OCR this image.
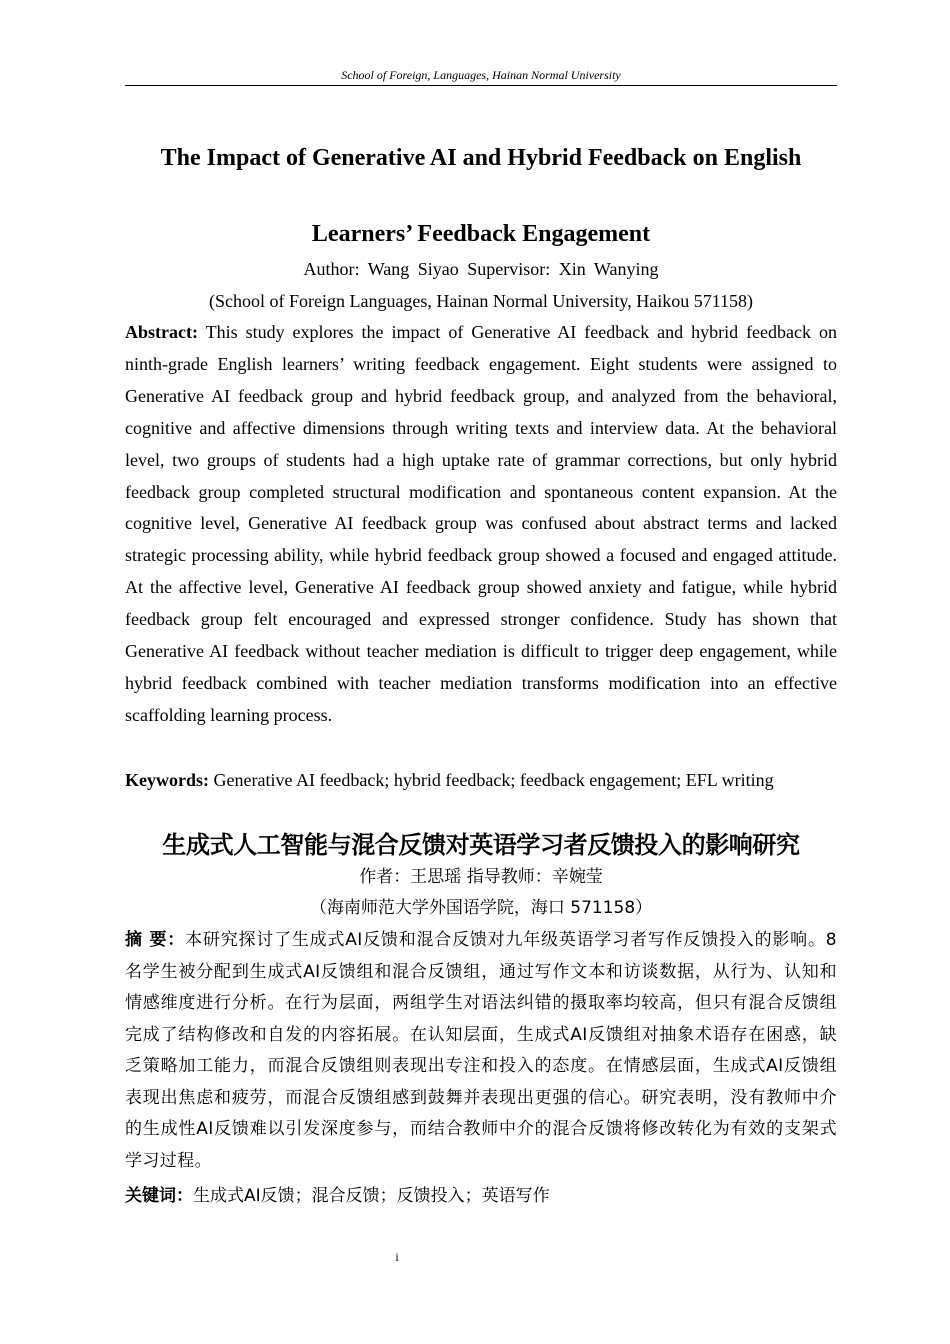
School of Foreign, Languages, Hainan Normal University
The Impact of Generative AI and Hybrid Feedback on English
Learners’ Feedback Engagement
Author: Wang Siyao Supervisor: Xin Wanying
(School of Foreign Languages, Hainan Normal University, Haikou 571158)

Abstract: This study explores the impact of Generative AI feedback and hybrid feedback on ninth-grade English learners’ writing feedback engagement. Eight students were assigned to Generative AI feedback group and hybrid feedback group, and analyzed from the behavioral, cognitive and affective dimensions through writing texts and interview data. At the behavioral level, two groups of students had a high uptake rate of grammar corrections, but only hybrid feedback group completed structural modification and spontaneous content expansion. At the cognitive level, Generative AI feedback group was confused about abstract terms and lacked strategic processing ability, while hybrid feedback group showed a focused and engaged attitude. At the affective level, Generative AI feedback group showed anxiety and fatigue, while hybrid feedback group felt encouraged and expressed stronger confidence. Study has shown that Generative AI feedback without teacher mediation is difficult to trigger deep engagement, while hybrid feedback combined with teacher mediation transforms modification into an effective scaffolding learning process.

Keywords: Generative AI feedback; hybrid feedback; feedback engagement; EFL writing
生成式人工智能与混合反馈对英语学习者反馈投入的影响研究
作者：王思瑶 指导教师：辛婉莹
（海南师范大学外国语学院，海口 571158）

摘 要：本研究探讨了生成式AI反馈和混合反馈对九年级英语学习者写作反馈投入的影响。8名学生被分配到生成式AI反馈组和混合反馈组，通过写作文本和访谈数据，从行为、认知和情感维度进行分析。在行为层面，两组学生对语法纠错的摄取率均较高，但只有混合反馈组完成了结构修改和自发的内容拓展。在认知层面，生成式AI反馈组对抽象术语存在困惑，缺乏策略加工能力，而混合反馈组则表现出专注和投入的态度。在情感层面，生成式AI反馈组表现出焦虑和疲劳，而混合反馈组感到鼓舞并表现出更强的信心。研究表明，没有教师中介的生成性AI反馈难以引发深度参与，而结合教师中介的混合反馈将修改转化为有效的支架式学习过程。

关键词：生成式AI反馈；混合反馈；反馈投入；英语写作
i
